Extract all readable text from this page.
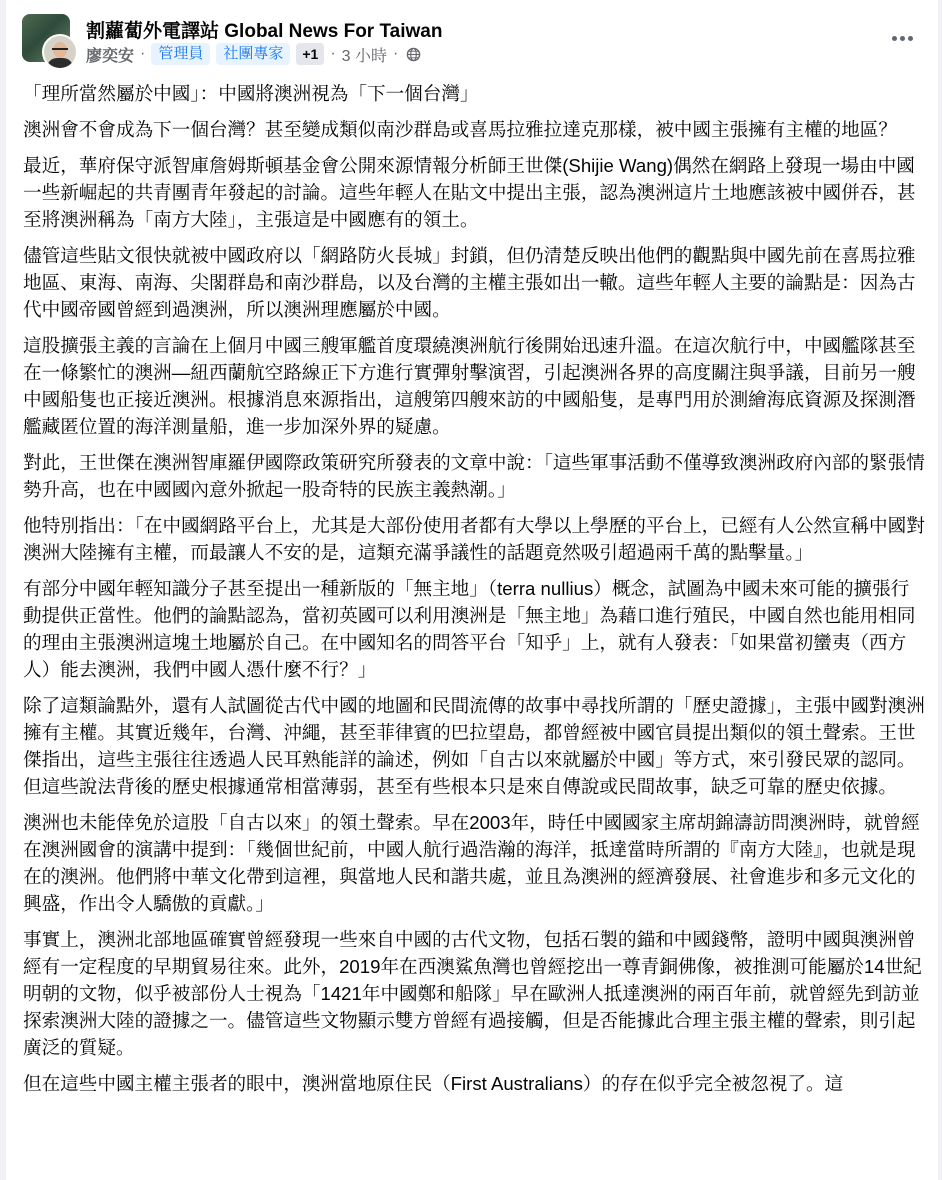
割蘿蔔外電譯站 Global News For Taiwan
廖奕安 · 管理員	社團專家	+1 · 3 小時 ·

「理所當然屬於中國」：中國將澳洲視為「下一個台灣」

澳洲會不會成為下一個台灣？甚至變成類似南沙群島或喜馬拉雅拉達克那樣，被中國主張擁有主權的地區？

最近，華府保守派智庫詹姆斯頓基金會公開來源情報分析師王世傑(Shijie Wang)偶然在網路上發現一場由中國一些新崛起的共青團青年發起的討論。這些年輕人在貼文中提出主張，認為澳洲這片土地應該被中國併吞，甚至將澳洲稱為「南方大陸」，主張這是中國應有的領土。

儘管這些貼文很快就被中國政府以「網路防火長城」封鎖，但仍清楚反映出他們的觀點與中國先前在喜馬拉雅地區、東海、南海、尖閣群島和南沙群島，以及台灣的主權主張如出一轍。這些年輕人主要的論點是：因為古代中國帝國曾經到過澳洲，所以澳洲理應屬於中國。

這股擴張主義的言論在上個月中國三艘軍艦首度環繞澳洲航行後開始迅速升溫。在這次航行中，中國艦隊甚至在一條繁忙的澳洲—紐西蘭航空路線正下方進行實彈射擊演習，引起澳洲各界的高度關注與爭議，目前另一艘中國船隻也正接近澳洲。根據消息來源指出，這艘第四艘來訪的中國船隻，是專門用於測繪海底資源及探測潛艦藏匿位置的海洋測量船，進一步加深外界的疑慮。

對此，王世傑在澳洲智庫羅伊國際政策研究所發表的文章中說：「這些軍事活動不僅導致澳洲政府內部的緊張情勢升高，也在中國國內意外掀起一股奇特的民族主義熱潮。」

他特別指出：「在中國網路平台上，尤其是大部份使用者都有大學以上學歷的平台上，已經有人公然宣稱中國對澳洲大陸擁有主權，而最讓人不安的是，這類充滿爭議性的話題竟然吸引超過兩千萬的點擊量。」

有部分中國年輕知識分子甚至提出一種新版的「無主地」（terra nullius）概念，試圖為中國未來可能的擴張行動提供正當性。他們的論點認為，當初英國可以利用澳洲是「無主地」為藉口進行殖民，中國自然也能用相同的理由主張澳洲這塊土地屬於自己。在中國知名的問答平台「知乎」上，就有人發表：「如果當初蠻夷（西方人）能去澳洲，我們中國人憑什麼不行？」

除了這類論點外，還有人試圖從古代中國的地圖和民間流傳的故事中尋找所謂的「歷史證據」，主張中國對澳洲擁有主權。其實近幾年，台灣、沖繩，甚至菲律賓的巴拉望島，都曾經被中國官員提出類似的領土聲索。王世傑指出，這些主張往往透過人民耳熟能詳的論述，例如「自古以來就屬於中國」等方式，來引發民眾的認同。但這些說法背後的歷史根據通常相當薄弱，甚至有些根本只是來自傳說或民間故事，缺乏可靠的歷史依據。

澳洲也未能倖免於這股「自古以來」的領土聲索。早在2003年，時任中國國家主席胡錦濤訪問澳洲時，就曾經在澳洲國會的演講中提到：「幾個世紀前，中國人航行過浩瀚的海洋，抵達當時所謂的『南方大陸』，也就是現在的澳洲。他們將中華文化帶到這裡，與當地人民和諧共處，並且為澳洲的經濟發展、社會進步和多元文化的興盛，作出令人驕傲的貢獻。」

事實上，澳洲北部地區確實曾經發現一些來自中國的古代文物，包括石製的錨和中國錢幣，證明中國與澳洲曾經有一定程度的早期貿易往來。此外，2019年在西澳鯊魚灣也曾經挖出一尊青銅佛像，被推測可能屬於14世紀明朝的文物，似乎被部份人士視為「1421年中國鄭和船隊」早在歐洲人抵達澳洲的兩百年前，就曾經先到訪並探索澳洲大陸的證據之一。儘管這些文物顯示雙方曾經有過接觸，但是否能據此合理主張主權的聲索，則引起廣泛的質疑。

但在這些中國主權主張者的眼中，澳洲當地原住民（First Australians）的存在似乎完全被忽視了。這
